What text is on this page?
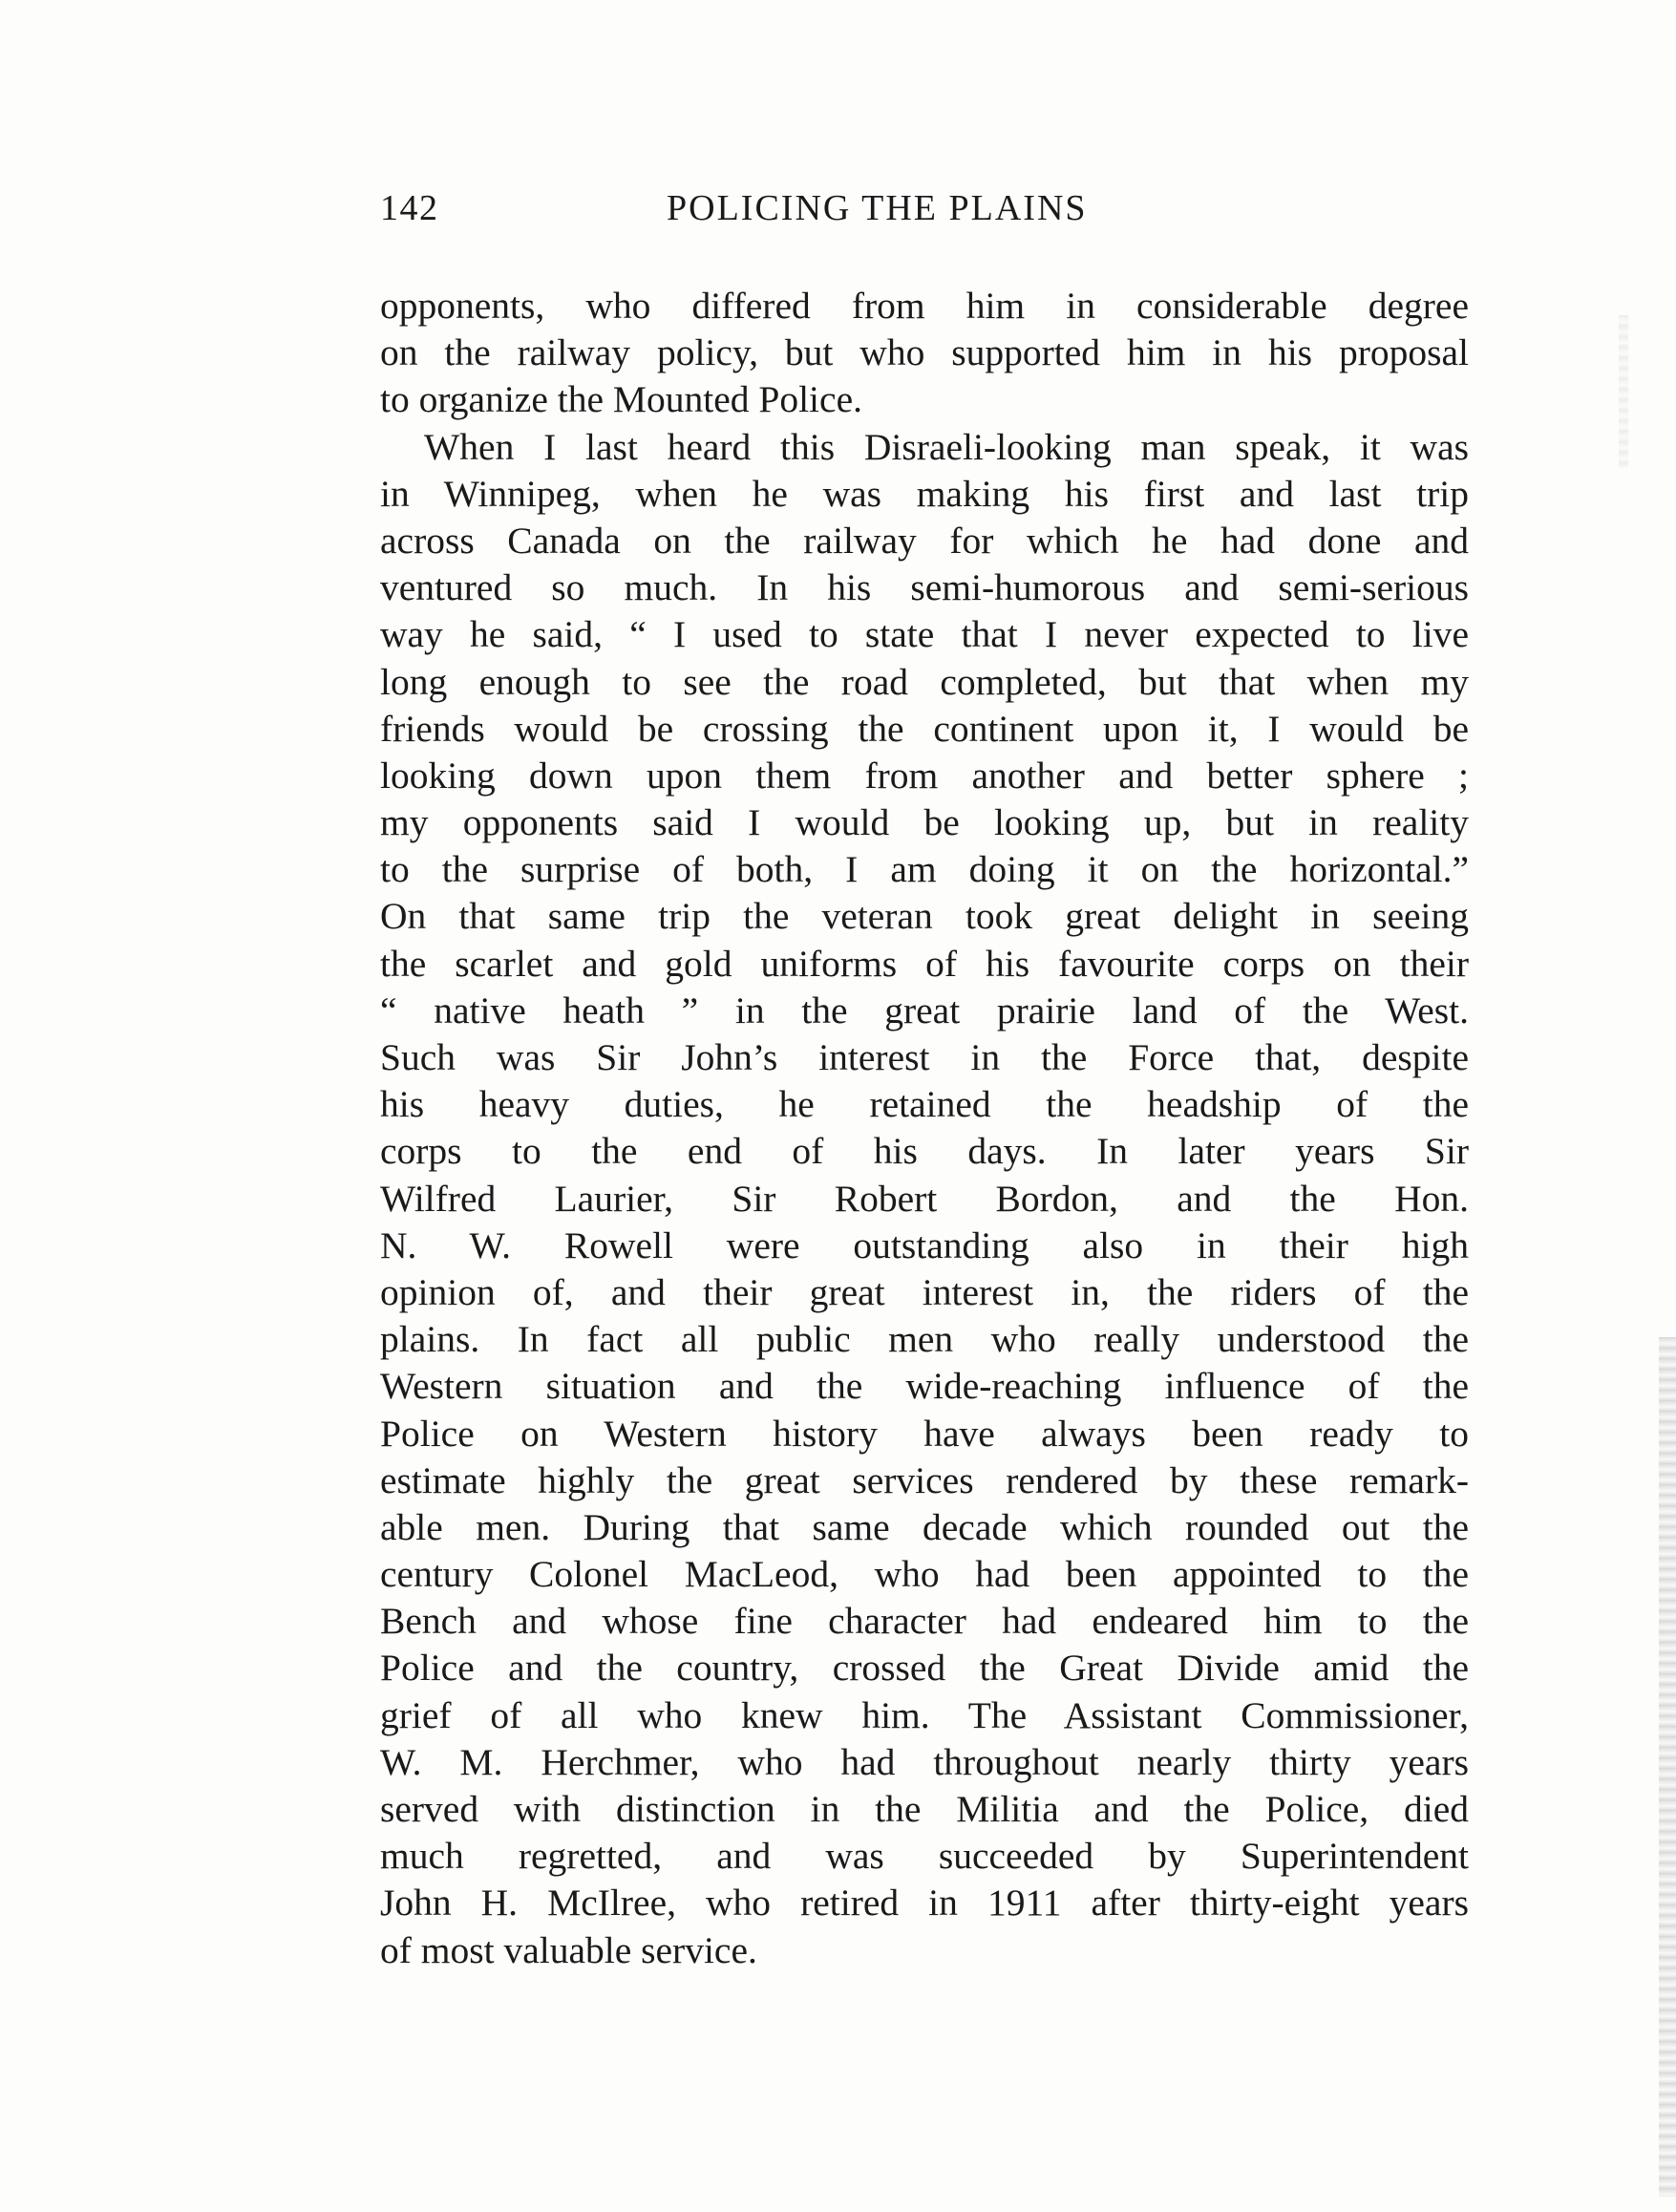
142	POLICING THE PLAINS
opponents, who differed from him in considerable degree
on the railway policy, but who supported him in his proposal
to organize the Mounted Police.
When I last heard this Disraeli-looking man speak, it was
in Winnipeg, when he was making his first and last trip
across Canada on the railway for which he had done and
ventured so much. In his semi-humorous and semi-serious
way he said, “ I used to state that I never expected to live
long enough to see the road completed, but that when my
friends would be crossing the continent upon it, I would be
looking down upon them from another and better sphere ;
my opponents said I would be looking up, but in reality
to the surprise of both, I am doing it on the horizontal.”
On that same trip the veteran took great delight in seeing
the scarlet and gold uniforms of his favourite corps on their
“ native heath ” in the great prairie land of the West.
Such was Sir John’s interest in the Force that, despite
his heavy duties, he retained the headship of the
corps to the end of his days. In later years Sir
Wilfred Laurier, Sir Robert Bordon, and the Hon.
N. W. Rowell were outstanding also in their high
opinion of, and their great interest in, the riders of the
plains. In fact all public men who really understood the
Western situation and the wide-reaching influence of the
Police on Western history have always been ready to
estimate highly the great services rendered by these remark-
able men. During that same decade which rounded out the
century Colonel MacLeod, who had been appointed to the
Bench and whose fine character had endeared him to the
Police and the country, crossed the Great Divide amid the
grief of all who knew him. The Assistant Commissioner,
W. M. Herchmer, who had throughout nearly thirty years
served with distinction in the Militia and the Police, died
much regretted, and was succeeded by Superintendent
John H. McIlree, who retired in 1911 after thirty-eight years
of most valuable service.
